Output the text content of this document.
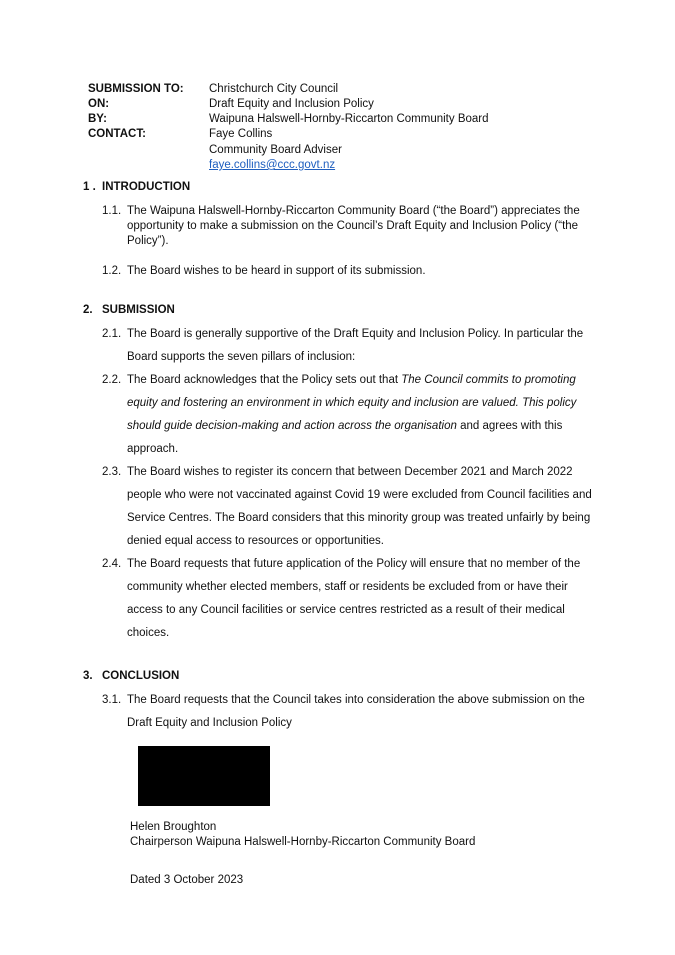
SUBMISSION TO: Christchurch City Council
ON:	Draft Equity and Inclusion Policy
BY:	Waipuna Halswell-Hornby-Riccarton Community Board
CONTACT:	Faye Collins
Community Board Adviser
faye.collins@ccc.govt.nz
1 . INTRODUCTION
1.1. The Waipuna Halswell-Hornby-Riccarton Community Board (“the Board”) appreciates the
opportunity to make a submission on the Council’s Draft Equity and Inclusion Policy (“the
Policy”).
1.2. The Board wishes to be heard in support of its submission.
2. SUBMISSION
2.1. The Board is generally supportive of the Draft Equity and Inclusion Policy. In particular the
Board supports the seven pillars of inclusion:
2.2. The Board acknowledges that the Policy sets out that The Council commits to promoting
equity and fostering an environment in which equity and inclusion are valued. This policy
should guide decision-making and action across the organisation and agrees with this
approach.
2.3. The Board wishes to register its concern that between December 2021 and March 2022
people who were not vaccinated against Covid 19 were excluded from Council facilities and
Service Centres. The Board considers that this minority group was treated unfairly by being
denied equal access to resources or opportunities.
2.4. The Board requests that future application of the Policy will ensure that no member of the
community whether elected members, staff or residents be excluded from or have their
access to any Council facilities or service centres restricted as a result of their medical
choices.
3. CONCLUSION
3.1. The Board requests that the Council takes into consideration the above submission on the
Draft Equity and Inclusion Policy
Helen Broughton
Chairperson Waipuna Halswell-Hornby-Riccarton Community Board
Dated 3 October 2023
